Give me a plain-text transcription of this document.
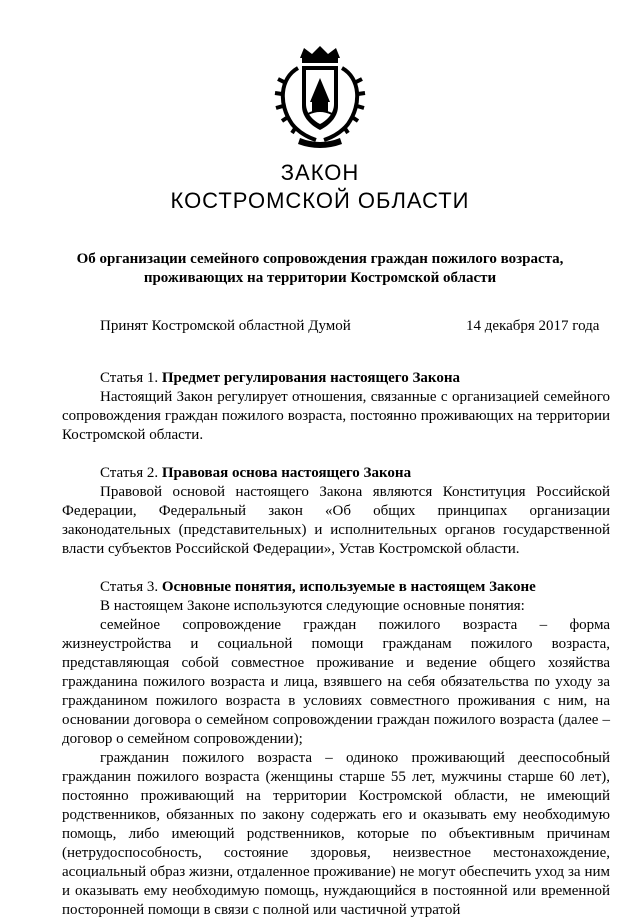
ЗАКОН
КОСТРОМСКОЙ ОБЛАСТИ
Об организации семейного сопровождения граждан пожилого возраста,
проживающих на территории Костромской области
Принят Костромской областной Думой	14 декабря 2017 года
Статья 1. Предмет регулирования настоящего Закона

Настоящий Закон регулирует отношения, связанные с организацией семейного сопровождения граждан пожилого возраста, постоянно проживающих на территории Костромской области.

Статья 2. Правовая основа настоящего Закона

Правовой основой настоящего Закона являются Конституция Российской Федерации, Федеральный закон «Об общих принципах организации законодательных (представительных) и исполнительных органов государственной власти субъектов Российской Федерации», Устав Костромской области.

Статья 3. Основные понятия, используемые в настоящем Законе

В настоящем Законе используются следующие основные понятия:

семейное сопровождение граждан пожилого возраста – форма жизнеустройства и социальной помощи гражданам пожилого возраста, представляющая собой совместное проживание и ведение общего хозяйства гражданина пожилого возраста и лица, взявшего на себя обязательства по уходу за гражданином пожилого возраста в условиях совместного проживания с ним, на основании договора о семейном сопровождении граждан пожилого возраста (далее – договор о семейном сопровождении);

гражданин пожилого возраста – одиноко проживающий дееспособный гражданин пожилого возраста (женщины старше 55 лет, мужчины старше 60 лет), постоянно проживающий на территории Костромской области, не имеющий родственников, обязанных по закону содержать его и оказывать ему необходимую помощь, либо имеющий родственников, которые по объективным причинам (нетрудоспособность, состояние здоровья, неизвестное местонахождение, асоциальный образ жизни, отдаленное проживание) не могут обеспечить уход за ним и оказывать ему необходимую помощь, нуждающийся в постоянной или временной посторонней помощи в связи с полной или частичной утратой
